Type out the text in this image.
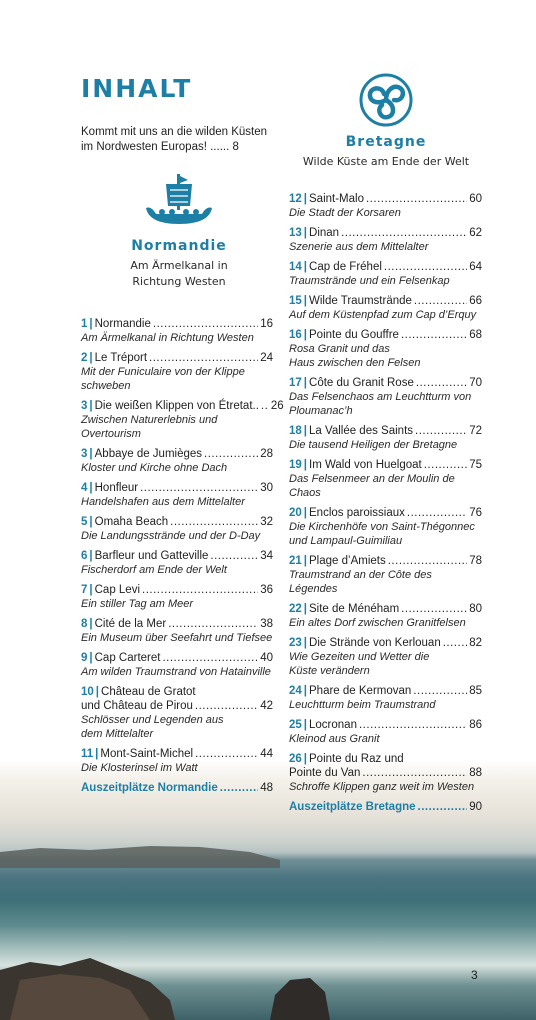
INHALT
Kommt mit uns an die wilden Küsten im Nordwesten Europas! ...... 8	Bretagne
Wilde Küste am Ende der Welt
Normandie
Am Ärmelkanal in
Richtung Westen
1 | Normandie .....	16
Am Ärmelkanal in Richtung Westen
2 | Le Tréport .....	24
Mit der Funiculaire von der Klippe
schweben
3 | Die weißen Klippen von Étretat.. ..... 26
Zwischen Naturerlebnis und
Overtourism
3 | Abbaye de Jumièges .....	28
Kloster und Kirche ohne Dach
4 | Honfleur .....	30
Handelshafen aus dem Mittelalter
5 | Omaha Beach .....	32
Die Landungsstrände und der D-Day
6 | Barfleur und Gatteville .....	34
Fischerdorf am Ende der Welt
7 | Cap Levi .....	36
Ein stiller Tag am Meer
8 | Cité de la Mer .....	38
Ein Museum über Seefahrt und Tiefsee
9 | Cap Carteret .....	40
Am wilden Traumstrand von Hatainville
10 | Château de Gratot
und Château de Pirou .....	42
Schlösser und Legenden aus
dem Mittelalter
11 | Mont-Saint-Michel .....	44
Die Klosterinsel im Watt
Auszeitplätze Normandie .....	48
12 | Saint-Malo .....	60
Die Stadt der Korsaren
13 | Dinan .....	62
Szenerie aus dem Mittelalter
14 | Cap de Fréhel .....	64
Traumstrände und ein Felsenkap
15 | Wilde Traumstrände .....	66
Auf dem Küstenpfad zum Cap d’Erquy
16 | Pointe du Gouffre .....	68
Rosa Granit und das
Haus zwischen den Felsen
17 | Côte du Granit Rose .....	70
Das Felsenchaos am Leuchtturm von
Ploumanac’h
18 | La Vallée des Saints .....	72
Die tausend Heiligen der Bretagne
19 | Im Wald von Huelgoat .....	75
Das Felsenmeer an der Moulin de Chaos
20 | Enclos paroissiaux .....	76
Die Kirchenhöfe von Saint-Thégonnec
und Lampaul-Guimiliau
21 | Plage d’Amiets .....	78
Traumstrand an der Côte des Légendes
22 | Site de Ménéham .....	80
Ein altes Dorf zwischen Granitfelsen
23 | Die Strände von Kerlouan ..... 82
Wie Gezeiten und Wetter die
Küste verändern
24 | Phare de Kermovan .....	85
Leuchtturm beim Traumstrand
25 | Locronan .....	86
Kleinod aus Granit
26 | Pointe du Raz und
Pointe du Van .....	88
Schroffe Klippen ganz weit im Westen
Auszeitplätze Bretagne .....	90
3
